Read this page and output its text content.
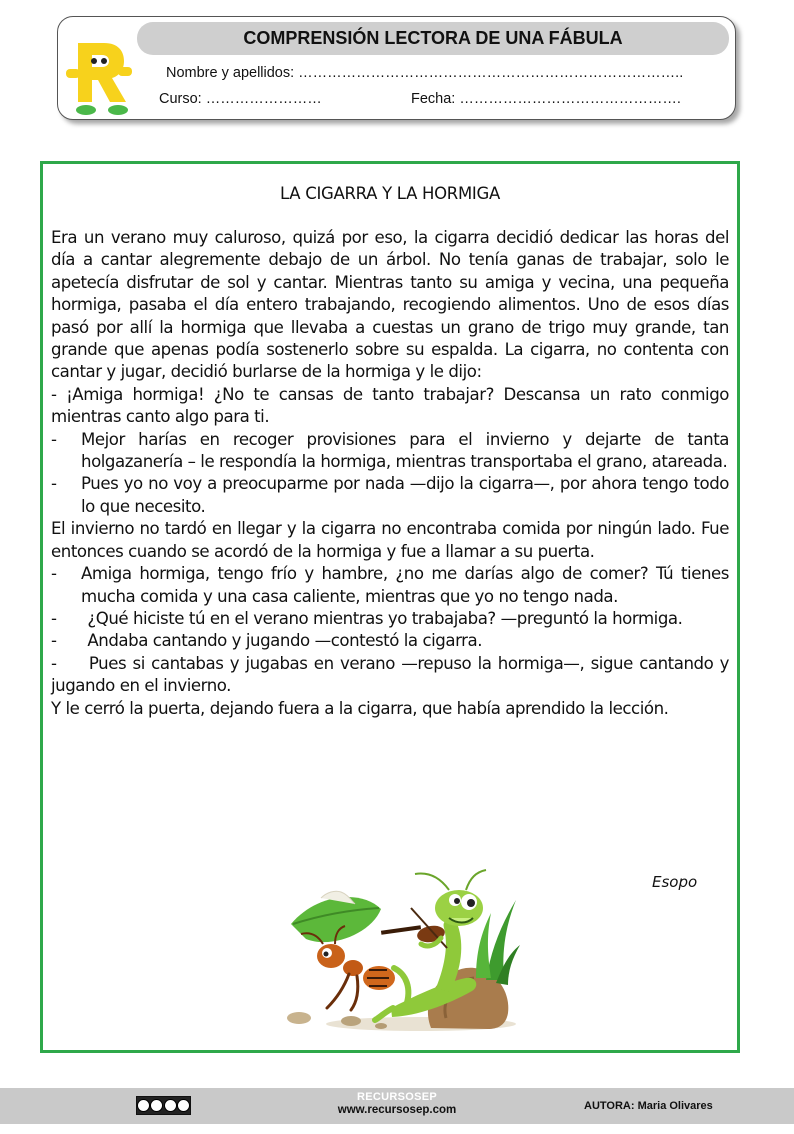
COMPRENSIÓN LECTORA DE UNA FÁBULA
Nombre y apellidos: ……………………………………………………………………..
Curso: ……………………	Fecha: ……………………………………….
LA CIGARRA Y LA HORMIGA

Era un verano muy caluroso, quizá por eso, la cigarra decidió dedicar las horas del día a cantar alegremente debajo de un árbol. No tenía ganas de trabajar, solo le apetecía disfrutar de sol y cantar. Mientras tanto su amiga y vecina, una pequeña hormiga, pasaba el día entero trabajando, recogiendo alimentos. Uno de esos días pasó por allí la hormiga que llevaba a cuestas un grano de trigo muy grande, tan grande que apenas podía sostenerlo sobre su espalda. La cigarra, no contenta con cantar y jugar, decidió burlarse de la hormiga y le dijo:

- ¡Amiga hormiga! ¿No te cansas de tanto trabajar? Descansa un rato conmigo mientras canto algo para ti.

-	Mejor harías en recoger provisiones para el invierno y dejarte de tanta holgazanería – le respondía la hormiga, mientras transportaba el grano, atareada.
-	Pues yo no voy a preocuparme por nada —dijo la cigarra—, por ahora tengo todo lo que necesito.

El invierno no tardó en llegar y la cigarra no encontraba comida por ningún lado. Fue entonces cuando se acordó de la hormiga y fue a llamar a su puerta.

-	Amiga hormiga, tengo frío y hambre, ¿no me darías algo de comer? Tú tienes mucha comida y una casa caliente, mientras que yo no tengo nada.

- ¿Qué hiciste tú en el verano mientras yo trabajaba? —preguntó la hormiga.

- Andaba cantando y jugando —contestó la cigarra.

- Pues si cantabas y jugabas en verano —repuso la hormiga—, sigue cantando y jugando en el invierno.

Y le cerró la puerta, dejando fuera a la cigarra, que había aprendido la lección.

Esopo
RECURSOSEP
www.recursosep.com	AUTORA: Maria Olivares
